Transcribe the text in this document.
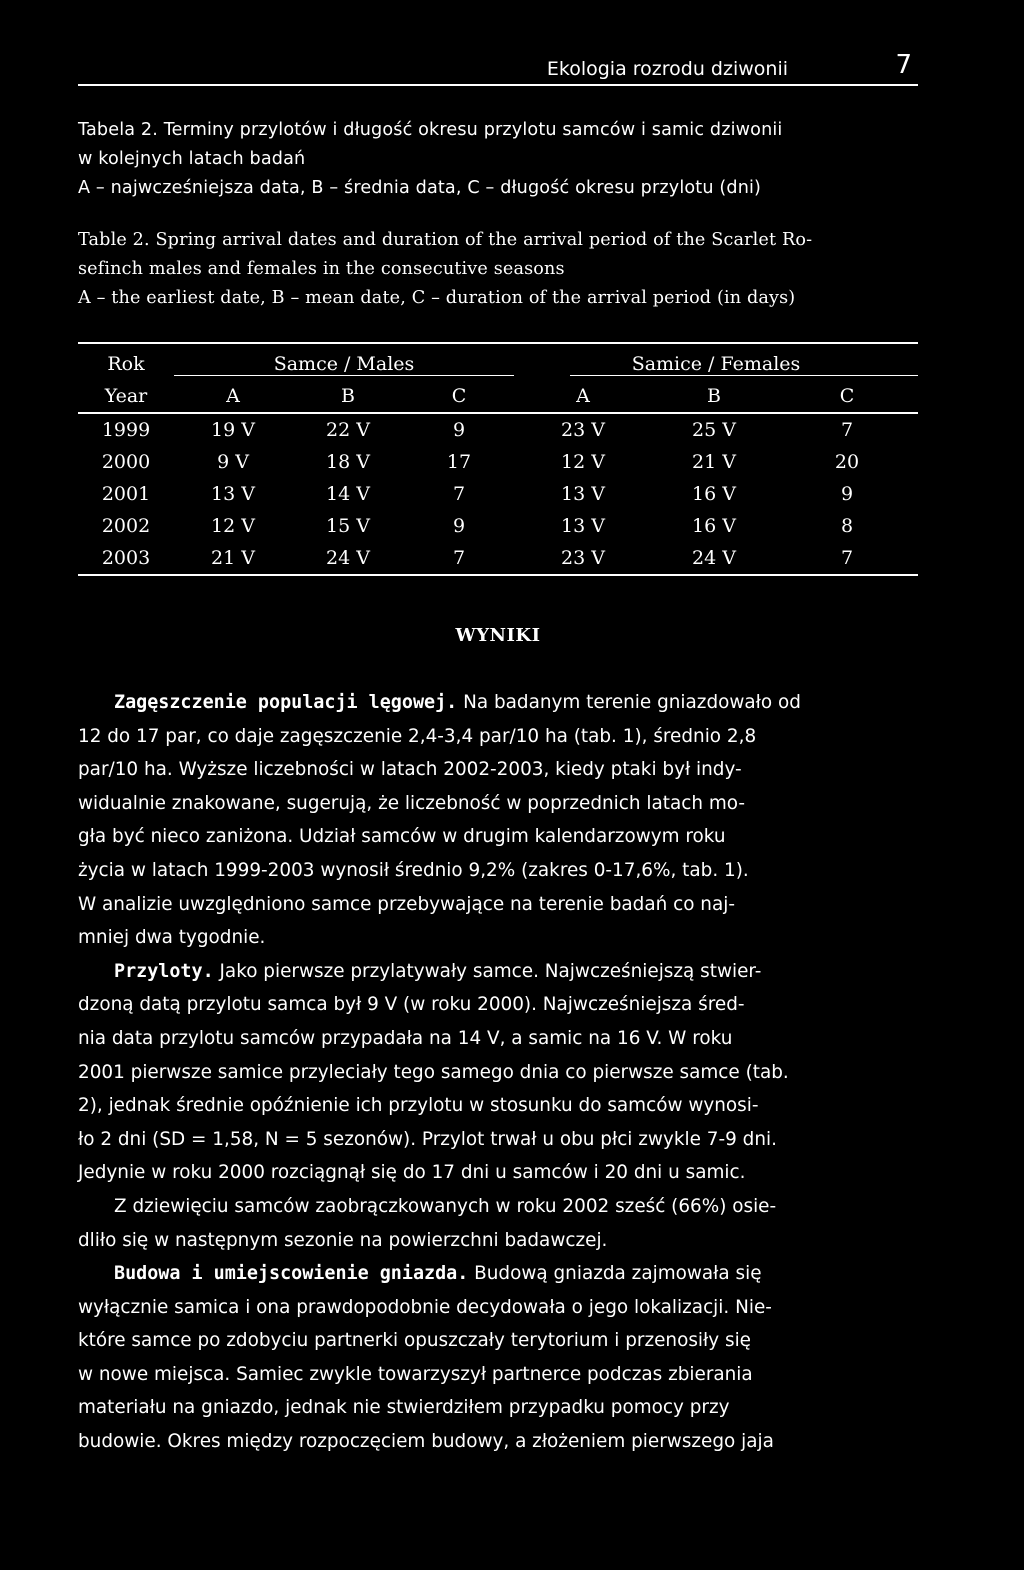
Ekologia rozrodu dziwonii	7
Tabela 2. Terminy przylotów i długość okresu przylotu samców i samic dziwonii
w kolejnych latach badań
A – najwcześniejsza data, B – średnia data, C – długość okresu przylotu (dni)
Table 2. Spring arrival dates and duration of the arrival period of the Scarlet Ro-
sefinch males and females in the consecutive seasons
A – the earliest date, B – mean date, C – duration of the arrival period (in days)

Rok	Samce / Males			Samice / Females		

Year	A	B	C	A	B	C

1999	19 V	22 V	9	23 V	25 V	7
2000	9 V	18 V	17	12 V	21 V	20
2001	13 V	14 V	7	13 V	16 V	9
2002	12 V	15 V	9	13 V	16 V	8
2003	21 V	24 V	7	23 V	24 V	7

WYNIKI
Zagęszczenie populacji lęgowej. Na badanym terenie gniazdowało od
12 do 17 par, co daje zagęszczenie 2,4-3,4 par/10 ha (tab. 1), średnio 2,8
par/10 ha. Wyższe liczebności w latach 2002-2003, kiedy ptaki był indy-
widualnie znakowane, sugerują, że liczebność w poprzednich latach mo-
gła być nieco zaniżona. Udział samców w drugim kalendarzowym roku
życia w latach 1999-2003 wynosił średnio 9,2% (zakres 0-17,6%, tab. 1).
W analizie uwzględniono samce przebywające na terenie badań co naj-
mniej dwa tygodnie.
Przyloty. Jako pierwsze przylatywały samce. Najwcześniejszą stwier-
dzoną datą przylotu samca był 9 V (w roku 2000). Najwcześniejsza śred-
nia data przylotu samców przypadała na 14 V, a samic na 16 V. W roku
2001 pierwsze samice przyleciały tego samego dnia co pierwsze samce (tab.
2), jednak średnie opóźnienie ich przylotu w stosunku do samców wynosi-
ło 2 dni (SD = 1,58, N = 5 sezonów). Przylot trwał u obu płci zwykle 7-9 dni.
Jedynie w roku 2000 rozciągnął się do 17 dni u samców i 20 dni u samic.
Z dziewięciu samców zaobrączkowanych w roku 2002 sześć (66%) osie-
dliło się w następnym sezonie na powierzchni badawczej.
Budowa i umiejscowienie gniazda. Budową gniazda zajmowała się
wyłącznie samica i ona prawdopodobnie decydowała o jego lokalizacji. Nie-
które samce po zdobyciu partnerki opuszczały terytorium i przenosiły się
w nowe miejsca. Samiec zwykle towarzyszył partnerce podczas zbierania
materiału na gniazdo, jednak nie stwierdziłem przypadku pomocy przy
budowie. Okres między rozpoczęciem budowy, a złożeniem pierwszego jaja
